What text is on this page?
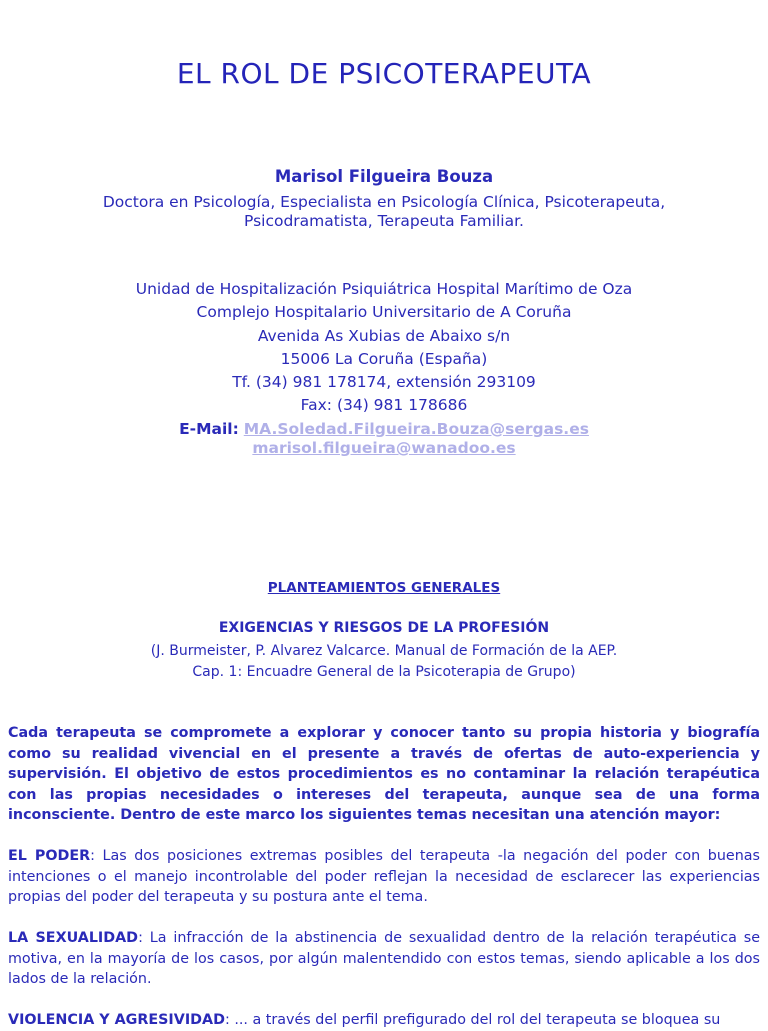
EL ROL DE PSICOTERAPEUTA
Marisol Filgueira Bouza
Doctora en Psicología, Especialista en Psicología Clínica, Psicoterapeuta, Psicodramatista, Terapeuta Familiar.
Unidad de Hospitalización Psiquiátrica Hospital Marítimo de Oza
Complejo Hospitalario Universitario de A Coruña
Avenida As Xubias de Abaixo s/n
15006 La Coruña (España)
Tf. (34) 981 178174, extensión 293109
Fax: (34) 981 178686
E-Mail: MA.Soledad.Filgueira.Bouza@sergas.es
marisol.filgueira@wanadoo.es
PLANTEAMIENTOS GENERALES
EXIGENCIAS Y RIESGOS DE LA PROFESIÓN
(J. Burmeister, P. Alvarez Valcarce. Manual de Formación de la AEP.
Cap. 1: Encuadre General de la Psicoterapia de Grupo)
Cada terapeuta se compromete a explorar y conocer tanto su propia historia y biografía como su realidad vivencial en el presente a través de ofertas de auto-experiencia y supervisión. El objetivo de estos procedimientos es no contaminar la relación terapéutica con las propias necesidades o intereses del terapeuta, aunque sea de una forma inconsciente. Dentro de este marco los siguientes temas necesitan una atención mayor:
EL PODER: Las dos posiciones extremas posibles del terapeuta -la negación del poder con buenas intenciones o el manejo incontrolable del poder reflejan la necesidad de esclarecer las experiencias propias del poder del terapeuta y su postura ante el tema.
LA SEXUALIDAD: La infracción de la abstinencia de sexualidad dentro de la relación terapéutica se motiva, en la mayoría de los casos, por algún malentendido con estos temas, siendo aplicable a los dos lados de la relación.
VIOLENCIA Y AGRESIVIDAD: ... a través del perfil prefigurado del rol del terapeuta se bloquea su
